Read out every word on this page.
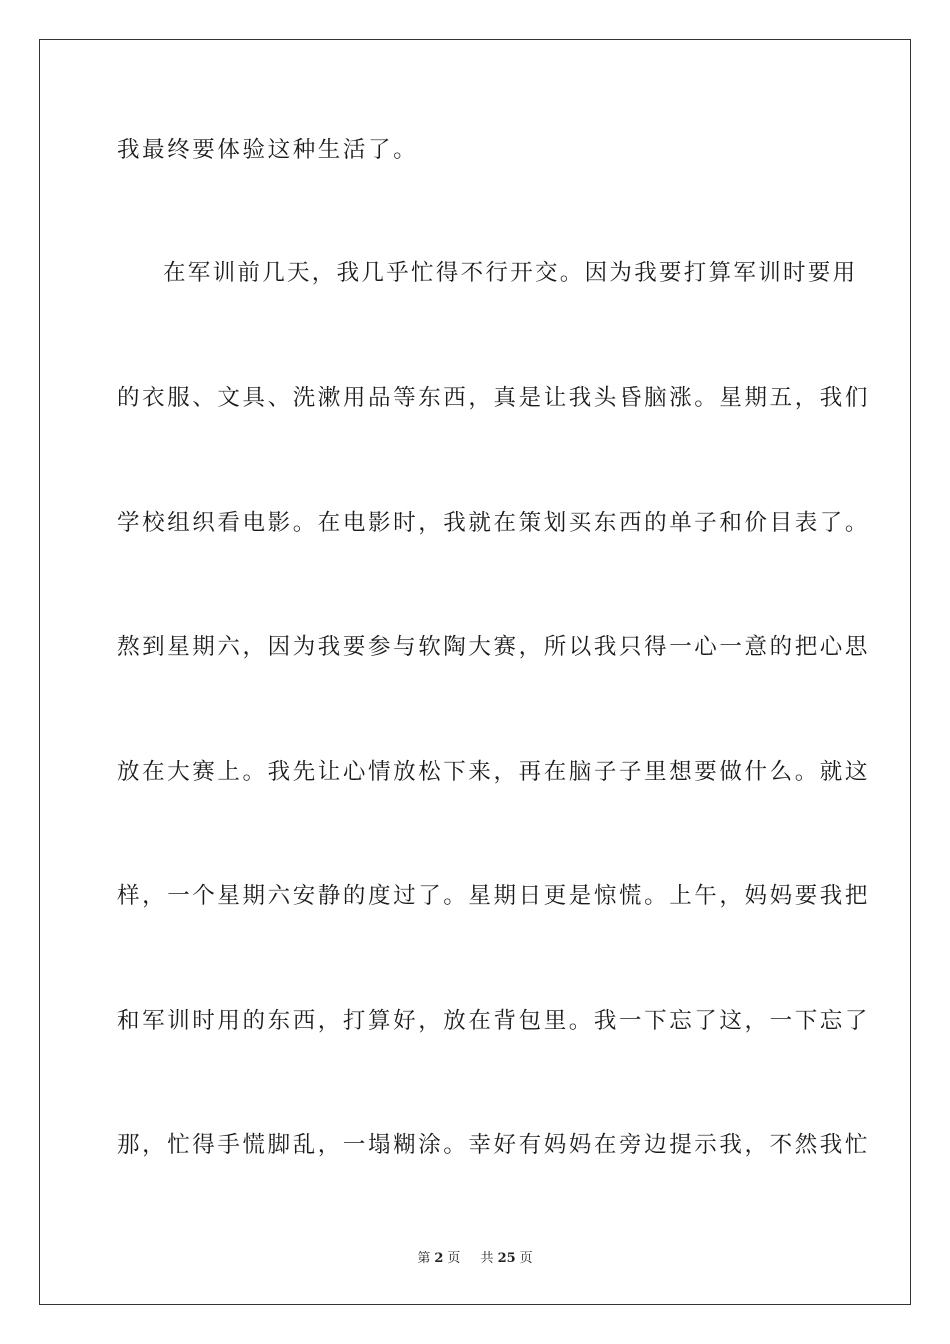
我最终要体验这种生活了。
在军训前几天，我几乎忙得不行开交。因为我要打算军训时要用
的衣服、文具、洗漱用品等东西，真是让我头昏脑涨。星期五，我们
学校组织看电影。在电影时，我就在策划买东西的单子和价目表了。
熬到星期六，因为我要参与软陶大赛，所以我只得一心一意的把心思
放在大赛上。我先让心情放松下来，再在脑子子里想要做什么。就这
样，一个星期六安静的度过了。星期日更是惊慌。上午，妈妈要我把
和军训时用的东西，打算好，放在背包里。我一下忘了这，一下忘了
那，忙得手慌脚乱，一塌糊涂。幸好有妈妈在旁边提示我，不然我忙
第 2 页 共 25 页
